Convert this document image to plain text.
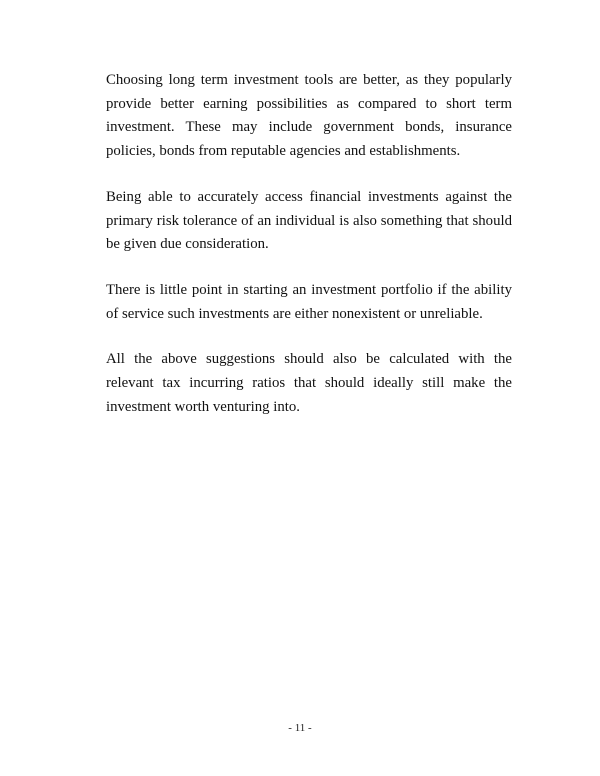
Choosing long term investment tools are better, as they popularly provide better earning possibilities as compared to short term investment. These may include government bonds, insurance policies, bonds from reputable agencies and establishments.

Being able to accurately access financial investments against the primary risk tolerance of an individual is also something that should be given due consideration.

There is little point in starting an investment portfolio if the ability of service such investments are either nonexistent or unreliable.

All the above suggestions should also be calculated with the relevant tax incurring ratios that should ideally still make the investment worth venturing into.

- 11 -
